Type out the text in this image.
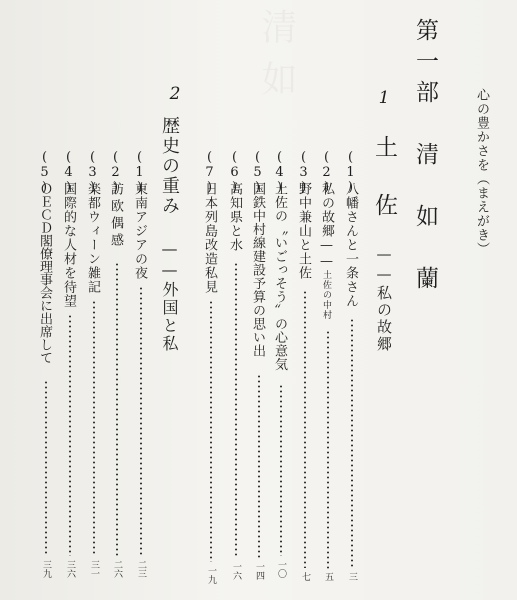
心の豊かさを（まえがき）
第一部　清　如　蘭
1 土　佐 ——私の故郷
(1)
八幡さんと一条さん
三
(2)
私の故郷——土佐の中村
五
(3)
野中兼山と土佐
七
(4)
土佐の〝いごっそう〟の心意気
一〇
(5)
国鉄中村線建設予算の思い出
一四
(6)
高知県と水
一六
(7)
日本列島改造私見
一九
2
歴史の重み ——外国と私
(1)
東南アジアの夜
二三
(2)
訪欧偶感
二六
(3)
楽都ウィーン雑記
三一
(4)
国際的な人材を待望
三六
(5)
ＯＥＣＤ閣僚理事会に出席して
三九
